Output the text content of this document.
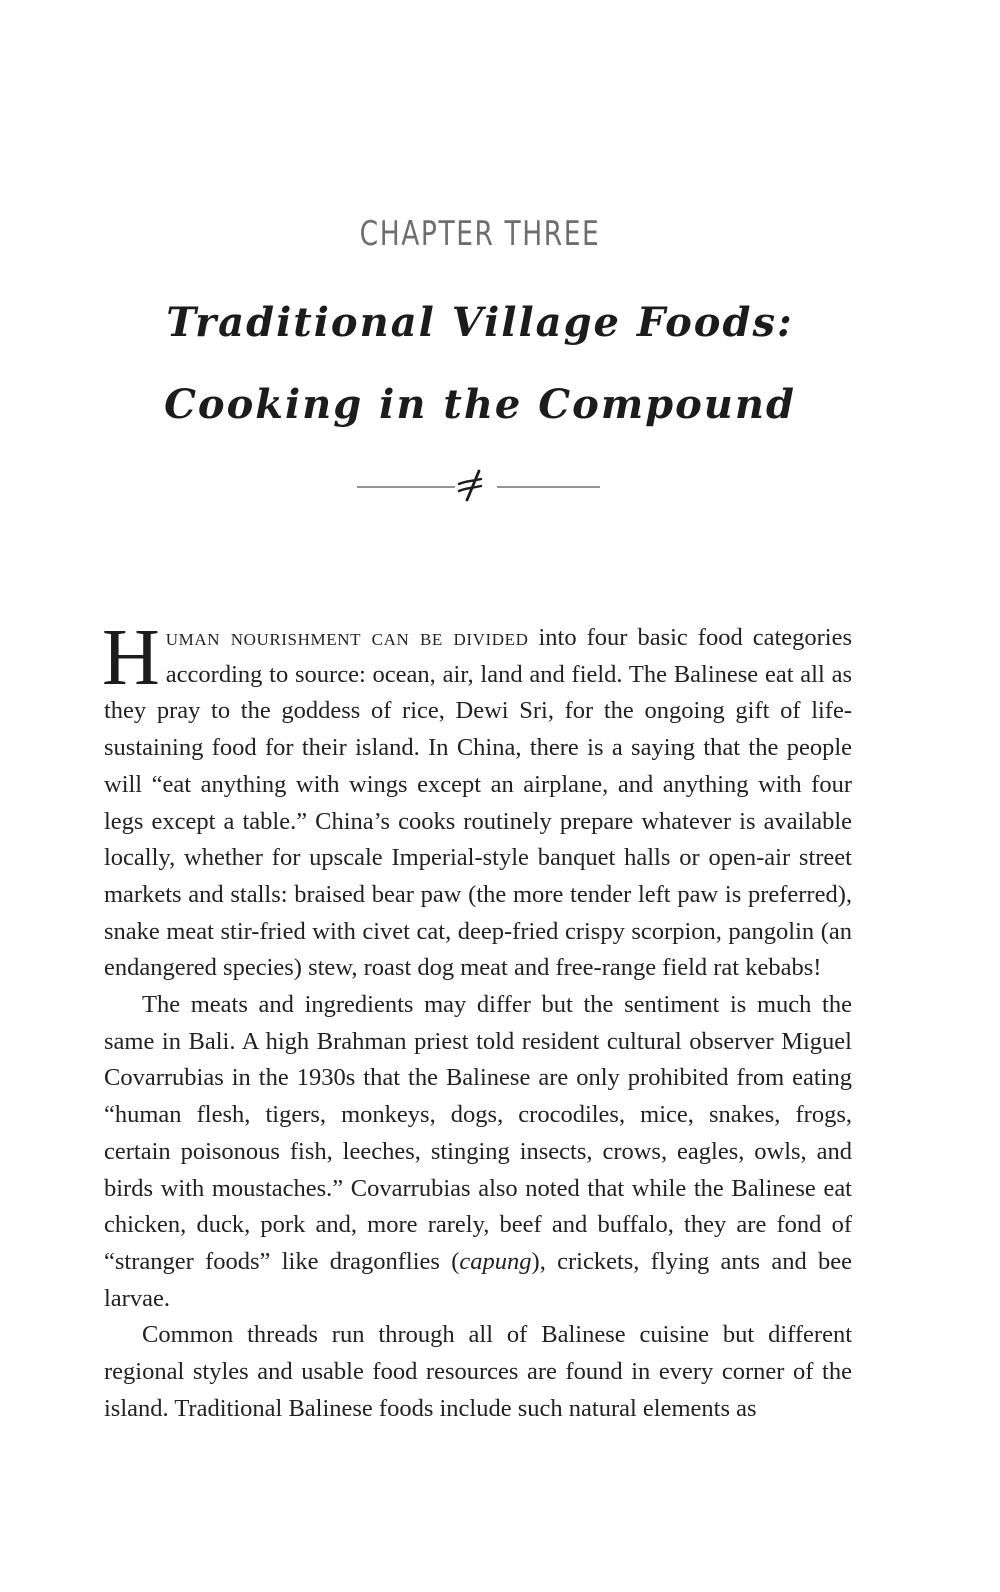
CHAPTER THREE
Traditional Village Foods:
Cooking in the Compound

Human nourishment can be divided into four basic food categories according to source: ocean, air, land and field. The Balinese eat all as they pray to the goddess of rice, Dewi Sri, for the ongoing gift of life-sustaining food for their island. In China, there is a saying that the people will “eat anything with wings except an airplane, and anything with four legs except a table.” China’s cooks routinely prepare whatever is available locally, whether for upscale Imperial-style banquet halls or open-air street markets and stalls: braised bear paw (the more tender left paw is preferred), snake meat stir-fried with civet cat, deep-fried crispy scorpion, pangolin (an endangered species) stew, roast dog meat and free-range field rat kebabs!

The meats and ingredients may differ but the sentiment is much the same in Bali. A high Brahman priest told resident cultural observer Miguel Covarrubias in the 1930s that the Balinese are only prohibited from eating “human flesh, tigers, monkeys, dogs, crocodiles, mice, snakes, frogs, certain poisonous fish, leeches, stinging insects, crows, eagles, owls, and birds with moustaches.” Covarrubias also noted that while the Balinese eat chicken, duck, pork and, more rarely, beef and buffalo, they are fond of “stranger foods” like dragonflies (capung), crickets, flying ants and bee larvae.

Common threads run through all of Balinese cuisine but different regional styles and usable food resources are found in every corner of the island. Traditional Balinese foods include such natural elements as
